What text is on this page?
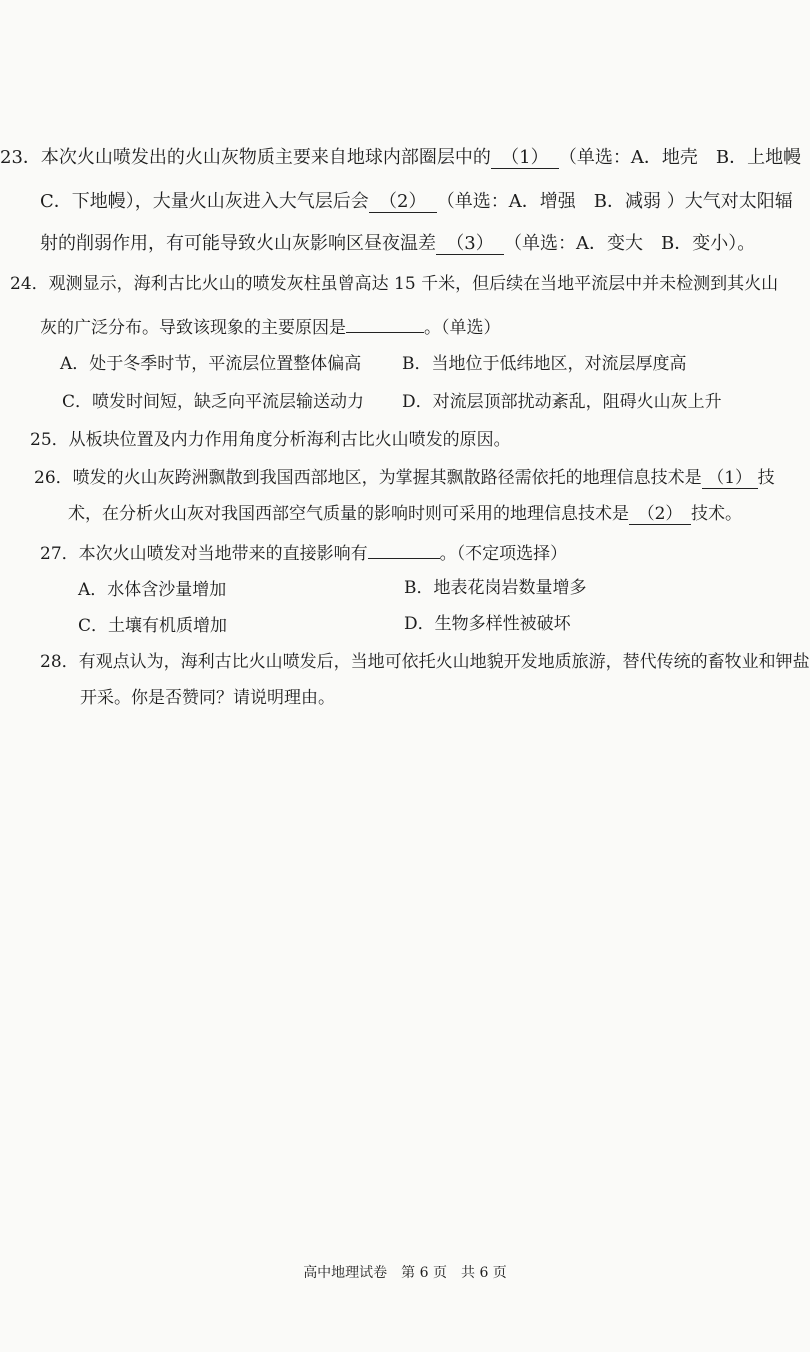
23．本次火山喷发出的火山灰物质主要来自地球内部圈层中的 （1） （单选：A．地壳　B．上地幔
C．下地幔），大量火山灰进入大气层后会 （2） （单选：A．增强　B．减弱 ）大气对太阳辐
射的削弱作用，有可能导致火山灰影响区昼夜温差 （3） （单选：A．变大　B．变小）。
24．观测显示，海利古比火山的喷发灰柱虽曾高达 15 千米，但后续在当地平流层中并未检测到其火山
灰的广泛分布。导致该现象的主要原因是	。（单选）
A．处于冬季时节，平流层位置整体偏高 B．当地位于低纬地区，对流层厚度高
C．喷发时间短，缺乏向平流层输送动力 D．对流层顶部扰动紊乱，阻碍火山灰上升
25．从板块位置及内力作用角度分析海利古比火山喷发的原因。
26．喷发的火山灰跨洲飘散到我国西部地区，为掌握其飘散路径需依托的地理信息技术是 （1） 技
术，在分析火山灰对我国西部空气质量的影响时则可采用的地理信息技术是 （2） 技术。
27．本次火山喷发对当地带来的直接影响有	。（不定项选择）
A．水体含沙量增加	B．地表花岗岩数量增多
C．土壤有机质增加	D．生物多样性被破坏
28．有观点认为，海利古比火山喷发后，当地可依托火山地貌开发地质旅游，替代传统的畜牧业和钾盐
开采。你是否赞同？请说明理由。
高中地理试卷　第 6 页　共 6 页
